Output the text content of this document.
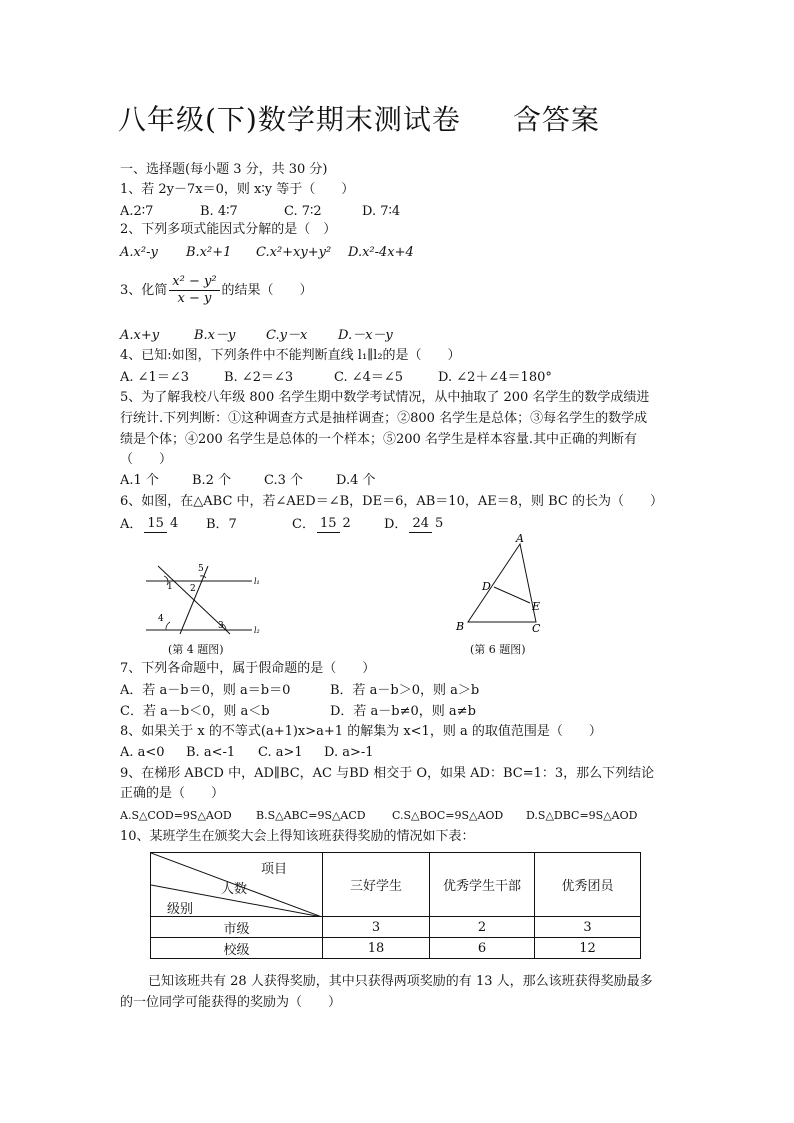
八年级(下)数学期末测试卷 含答案
一、选择题(每小题 3 分，共 30 分)
1、若 2y－7x＝0，则 x∶y 等于（　　）
A.2∶7	B. 4∶7	C. 7∶2	D. 7∶4
2、下列多项式能因式分解的是（　）
A.x²-y B.x²+1 C.x²+xy+y² D.x²-4x+4
3、化简 $\frac{\text{x² − y²}}{x - y}$ 的结果（　　）
A.x+y	B.x－y C.y－x D.－x－y
4、已知:如图，下列条件中不能判断直线 l₁∥l₂的是（　　）
A. ∠1＝∠3	B. ∠2＝∠3	C. ∠4＝∠5	D. ∠2＋∠4＝180°
5、为了解我校八年级 800 名学生期中数学考试情况，从中抽取了 200 名学生的数学成绩进
行统计.下列判断：①这种调查方式是抽样调查；②800 名学生是总体；③每名学生的数学成
绩是个体；④200 名学生是总体的一个样本；⑤200 名学生是样本容量.其中正确的判断有
（　　）
A.1 个	B.2 个	C.3 个	D.4 个
6、如图，在△ABC 中，若∠AED＝∠B，DE＝6，AB＝10，AE＝8，则 BC 的长为（　　）
A． 15 4 B．7	C． 15 2	D． 24 5
1 2
3
4
5
l₁
l₂
(第 4 题图)
A
D
E
B	C
(第 6 题图)
7、下列各命题中，属于假命题的是（　　）
A．若 a－b＝0，则 a＝b＝0	B．若 a－b＞0，则 a＞b
C．若 a－b＜0，则 a＜b	D．若 a－b≠0，则 a≠b
8、如果关于 x 的不等式(a+1)x>a+1 的解集为 x<1，则 a 的取值范围是（　　）
A. a<0 B. a<-1 C. a>1 D. a>-1
9、在梯形 ABCD 中，AD∥BC，AC 与BD 相交于 O，如果 AD：BC=1：3，那么下列结论
正确的是（　　）
A.S△COD=9S△AOD B.S△ABC=9S△ACD C.S△BOC=9S△AOD D.S△DBC=9S△AOD
10、某班学生在颁奖大会上得知该班获得奖励的情况如下表：
项目
人数
级别	三好学生	优秀学生干部	优秀团员
市级	3	2	3
校级	18	6	12
已知该班共有 28 人获得奖励，其中只获得两项奖励的有 13 人，那么该班获得奖励最多
的一位同学可能获得的奖励为（　　）
